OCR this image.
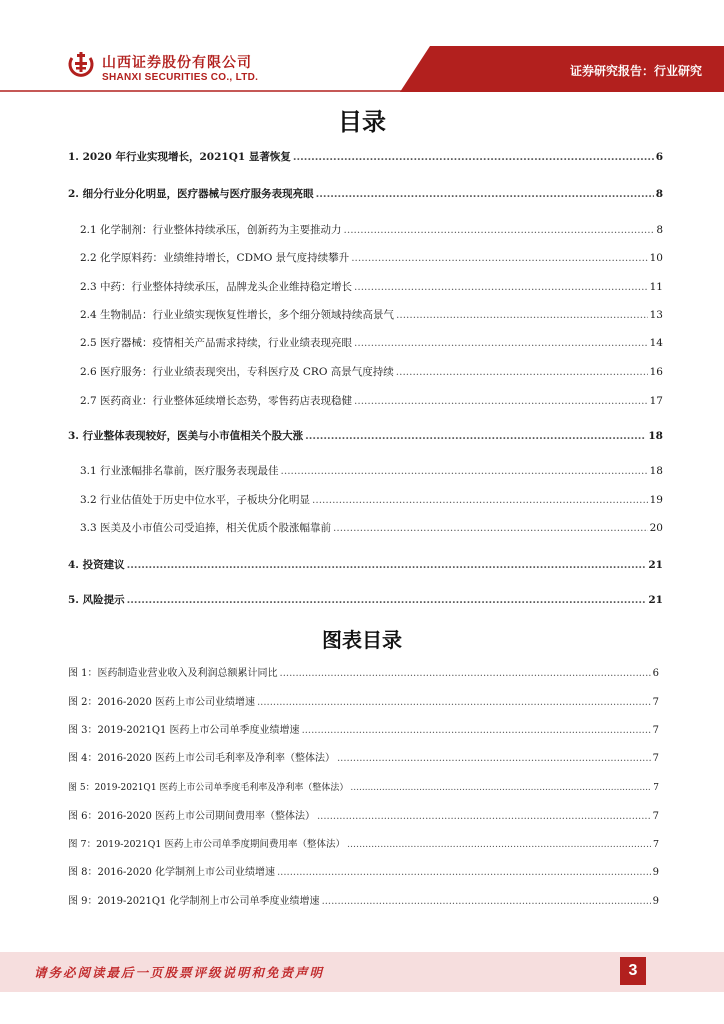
山西证券股份有限公司
SHANXI SECURITIES CO., LTD.	证券研究报告：行业研究
目录
1. 2020 年行业实现增长，2021Q1 显著恢复 .....	6
2. 细分行业分化明显，医疗器械与医疗服务表现亮眼 .....	8
2.1 化学制剂：行业整体持续承压，创新药为主要推动力 .....	8
2.2 化学原料药：业绩维持增长，CDMO 景气度持续攀升 .....	10
2.3 中药：行业整体持续承压，品牌龙头企业维持稳定增长 .....	11
2.4 生物制品：行业业绩实现恢复性增长，多个细分领域持续高景气 .....	13
2.5 医疗器械：疫情相关产品需求持续，行业业绩表现亮眼 .....	14
2.6 医疗服务：行业业绩表现突出，专科医疗及 CRO 高景气度持续 .....	16
2.7 医药商业：行业整体延续增长态势，零售药店表现稳健 .....	17
3. 行业整体表现较好，医美与小市值相关个股大涨 .....	18
3.1 行业涨幅排名靠前，医疗服务表现最佳 .....	18
3.2 行业估值处于历史中位水平，子板块分化明显 .....	19
3.3 医美及小市值公司受追捧，相关优质个股涨幅靠前 .....	20
4. 投资建议 .....	21
5. 风险提示 .....	21
图表目录
图 1：医药制造业营业收入及利润总额累计同比 .....	6
图 2：2016-2020 医药上市公司业绩增速 .....	7
图 3：2019-2021Q1 医药上市公司单季度业绩增速 .....	7
图 4：2016-2020 医药上市公司毛利率及净利率（整体法） .....	7
图 5：2019-2021Q1 医药上市公司单季度毛利率及净利率（整体法） .....	7
图 6：2016-2020 医药上市公司期间费用率（整体法） .....	7
图 7：2019-2021Q1 医药上市公司单季度期间费用率（整体法） .....	7
图 8：2016-2020 化学制剂上市公司业绩增速 .....	9
图 9：2019-2021Q1 化学制剂上市公司单季度业绩增速 .....	9
请务必阅读最后一页股票评级说明和免责声明	3
